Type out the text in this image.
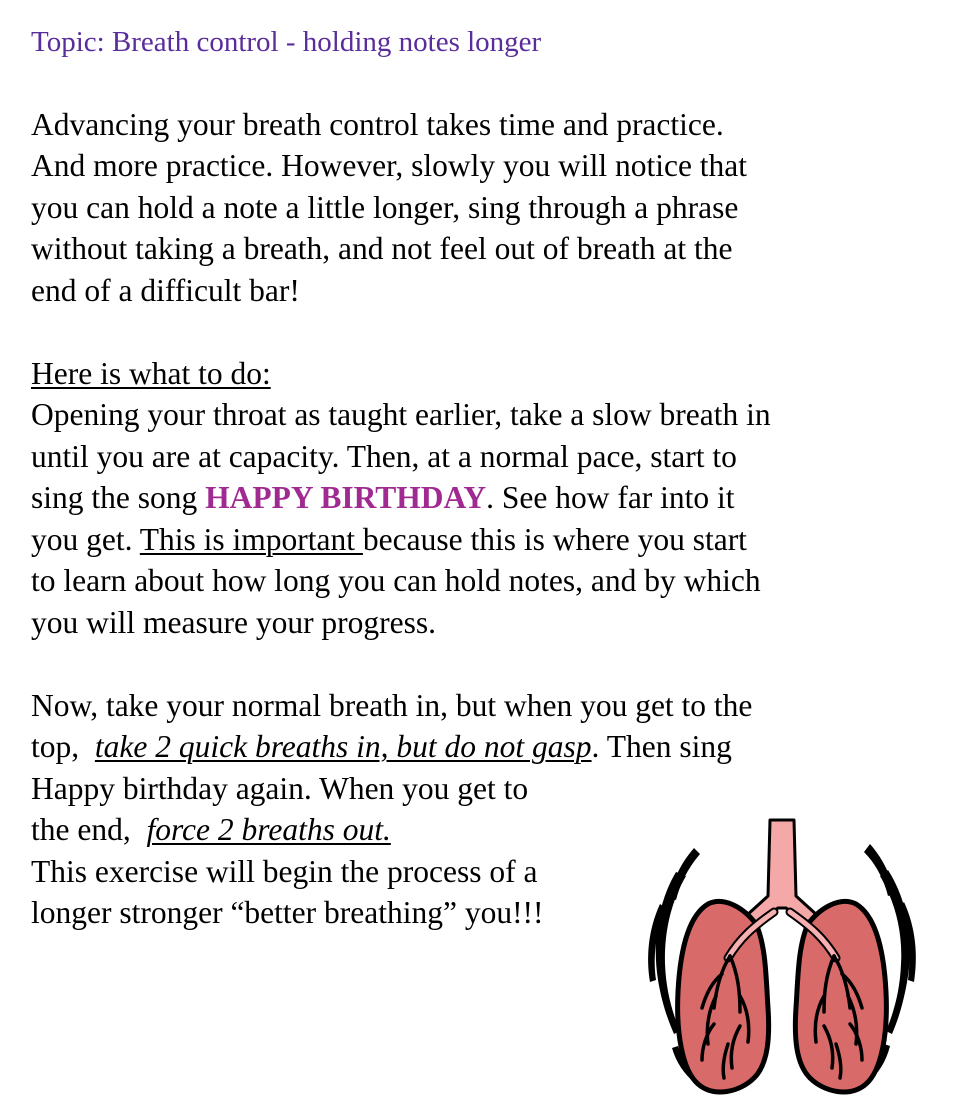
Topic: Breath control - holding notes longer

Advancing your breath control takes time and practice.

And more practice. However, slowly you will notice that

you can hold a note a little longer, sing through a phrase

without taking a breath, and not feel out of breath at the

end of a difficult bar!

Here is what to do:

Opening your throat as taught earlier, take a slow breath in

until you are at capacity. Then, at a normal pace, start to

sing the song HAPPY BIRTHDAY. See how far into it

you get. This is important because this is where you start

to learn about how long you can hold notes, and by which

you will measure your progress.

Now, take your normal breath in, but when you get to the

top,  take 2 quick breaths in, but do not gasp. Then sing

Happy birthday again. When you get to

the end,  force 2 breaths out.

This exercise will begin the process of a

longer stronger “better breathing” you!!!
